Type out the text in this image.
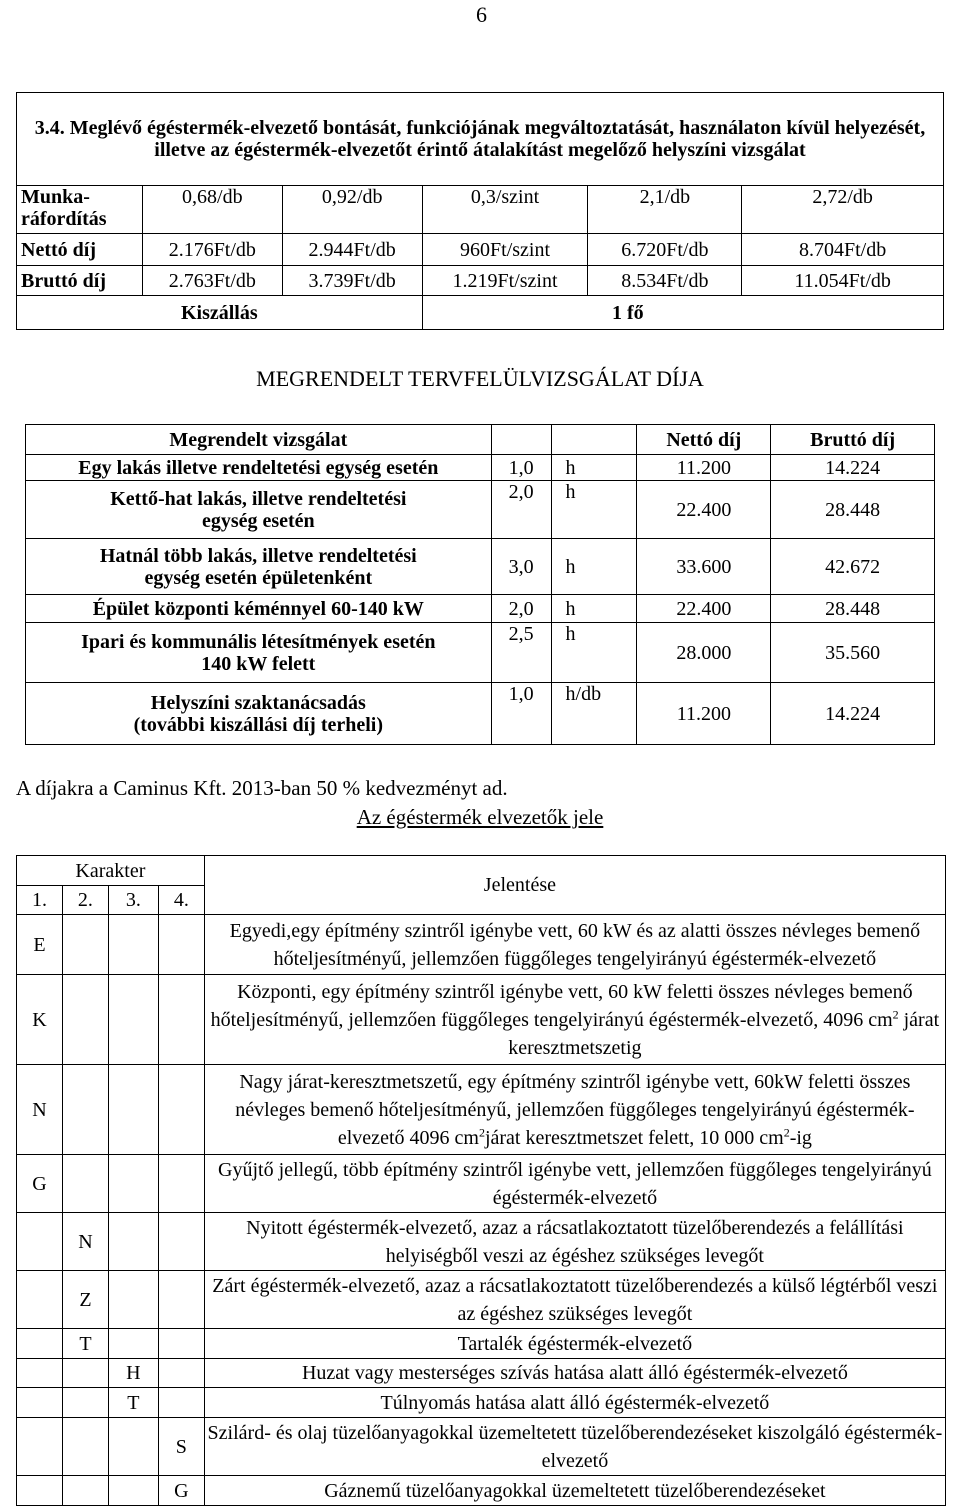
6
3.4. Meglévő égéstermék-elvezető bontását, funkciójának megváltoztatását, használaton kívül helyezését, illetve az égéstermék-elvezetőt érintő átalakítást megelőző helyszíni vizsgálat					
Munka-ráfordítás	0,68/db	0,92/db	0,3/szint	2,1/db	2,72/db
Nettó díj	2.176Ft/db	2.944Ft/db	960Ft/szint	6.720Ft/db	8.704Ft/db
Bruttó díj	2.763Ft/db	3.739Ft/db	1.219Ft/szint	8.534Ft/db	11.054Ft/db
Kiszállás			1 fő		
MEGRENDELT TERVFELÜLVIZSGÁLAT DÍJA
Megrendelt vizsgálat			Nettó díj	Bruttó díj
Egy lakás illetve rendeltetési egység esetén	1,0	h	11.200	14.224
Kettő-hat lakás, illetve rendeltetési egység esetén	2,0	h	22.400	28.448
Hatnál több lakás, illetve rendeltetési egység esetén épületenként	3,0	h	33.600	42.672
Épület központi kéménnyel 60-140 kW	2,0	h	22.400	28.448
Ipari és kommunális létesítmények esetén 140 kW felett	2,5	h	28.000	35.560
Helyszíni szaktanácsadás (további kiszállási díj terheli)	1,0	h/db	11.200	14.224
A díjakra a Caminus Kft. 2013-ban 50 % kedvezményt ad.
Az égéstermék elvezetők jele
Karakter				Jelentése
1.	2.	3.	4.	
E				Egyedi,egy építmény szintről igénybe vett, 60 kW és az alatti összes névleges bemenő hőteljesítményű, jellemzően függőleges tengelyirányú égéstermék-elvezető
K				Központi, egy építmény szintről igénybe vett, 60 kW feletti összes névleges bemenő hőteljesítményű, jellemzően függőleges tengelyirányú égéstermék-elvezető, 4096 $cm^2$ járat keresztmetszetig
N				Nagy járat-keresztmetszetű, egy építmény szintről igénybe vett, 60kW feletti összes névleges bemenő hőteljesítményű, jellemzően függőleges tengelyirányú égéstermék-elvezető 4096 $cm^2járat$ keresztmetszet felett, 10 000 $cm^2-ig$
G				Gyűjtő jellegű, több építmény szintről igénybe vett, jellemzően függőleges tengelyirányú égéstermék-elvezető
	N			Nyitott égéstermék-elvezető, azaz a rácsatlakoztatott tüzelőberendezés a felállítási helyiségből veszi az égéshez szükséges levegőt
	Z			Zárt égéstermék-elvezető, azaz a rácsatlakoztatott tüzelőberendezés a külső légtérből veszi az égéshez szükséges levegőt
	T			Tartalék égéstermék-elvezető
		H		Huzat vagy mesterséges szívás hatása alatt álló égéstermék-elvezető
		T		Túlnyomás hatása alatt álló égéstermék-elvezető
			S	Szilárd- és olaj tüzelőanyagokkal üzemeltetett tüzelőberendezéseket kiszolgáló égéstermék-elvezető
			G	Gáznemű tüzelőanyagokkal üzemeltetett tüzelőberendezéseket
